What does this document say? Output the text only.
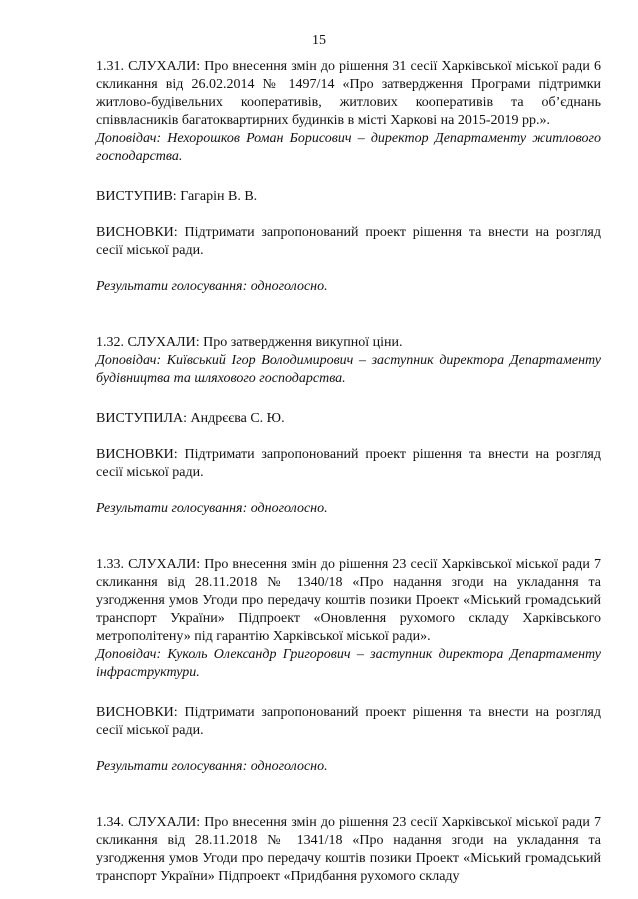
15

1.31. СЛУХАЛИ: Про внесення змін до рішення 31 сесії Харківської міської ради 6 скликання від 26.02.2014 № 1497/14 «Про затвердження Програми підтримки житлово-будівельних кооперативів, житлових кооперативів та об’єднань співвласників багатоквартирних будинків в місті Харкові на 2015-2019 рр.».

Доповідач: Нехорошков Роман Борисович – директор Департаменту житлового господарства.

ВИСТУПИВ: Гагарін В. В.

ВИСНОВКИ: Підтримати запропонований проект рішення та внести на розгляд сесії міської ради.

Результати голосування: одноголосно.

1.32. СЛУХАЛИ: Про затвердження викупної ціни.

Доповідач: Київський Ігор Володимирович – заступник директора Департаменту будівництва та шляхового господарства.

ВИСТУПИЛА: Андрєєва С. Ю.

ВИСНОВКИ: Підтримати запропонований проект рішення та внести на розгляд сесії міської ради.

Результати голосування: одноголосно.

1.33. СЛУХАЛИ: Про внесення змін до рішення 23 сесії Харківської міської ради 7 скликання від 28.11.2018 № 1340/18 «Про надання згоди на укладання та узгодження умов Угоди про передачу коштів позики Проект «Міський громадський транспорт України» Підпроект «Оновлення рухомого складу Харківського метрополітену» під гарантію Харківської міської ради».

Доповідач: Куколь Олександр Григорович – заступник директора Департаменту інфраструктури.

ВИСНОВКИ: Підтримати запропонований проект рішення та внести на розгляд сесії міської ради.

Результати голосування: одноголосно.

1.34. СЛУХАЛИ: Про внесення змін до рішення 23 сесії Харківської міської ради 7 скликання від 28.11.2018 № 1341/18 «Про надання згоди на укладання та узгодження умов Угоди про передачу коштів позики Проект «Міський громадський транспорт України» Підпроект «Придбання рухомого складу
